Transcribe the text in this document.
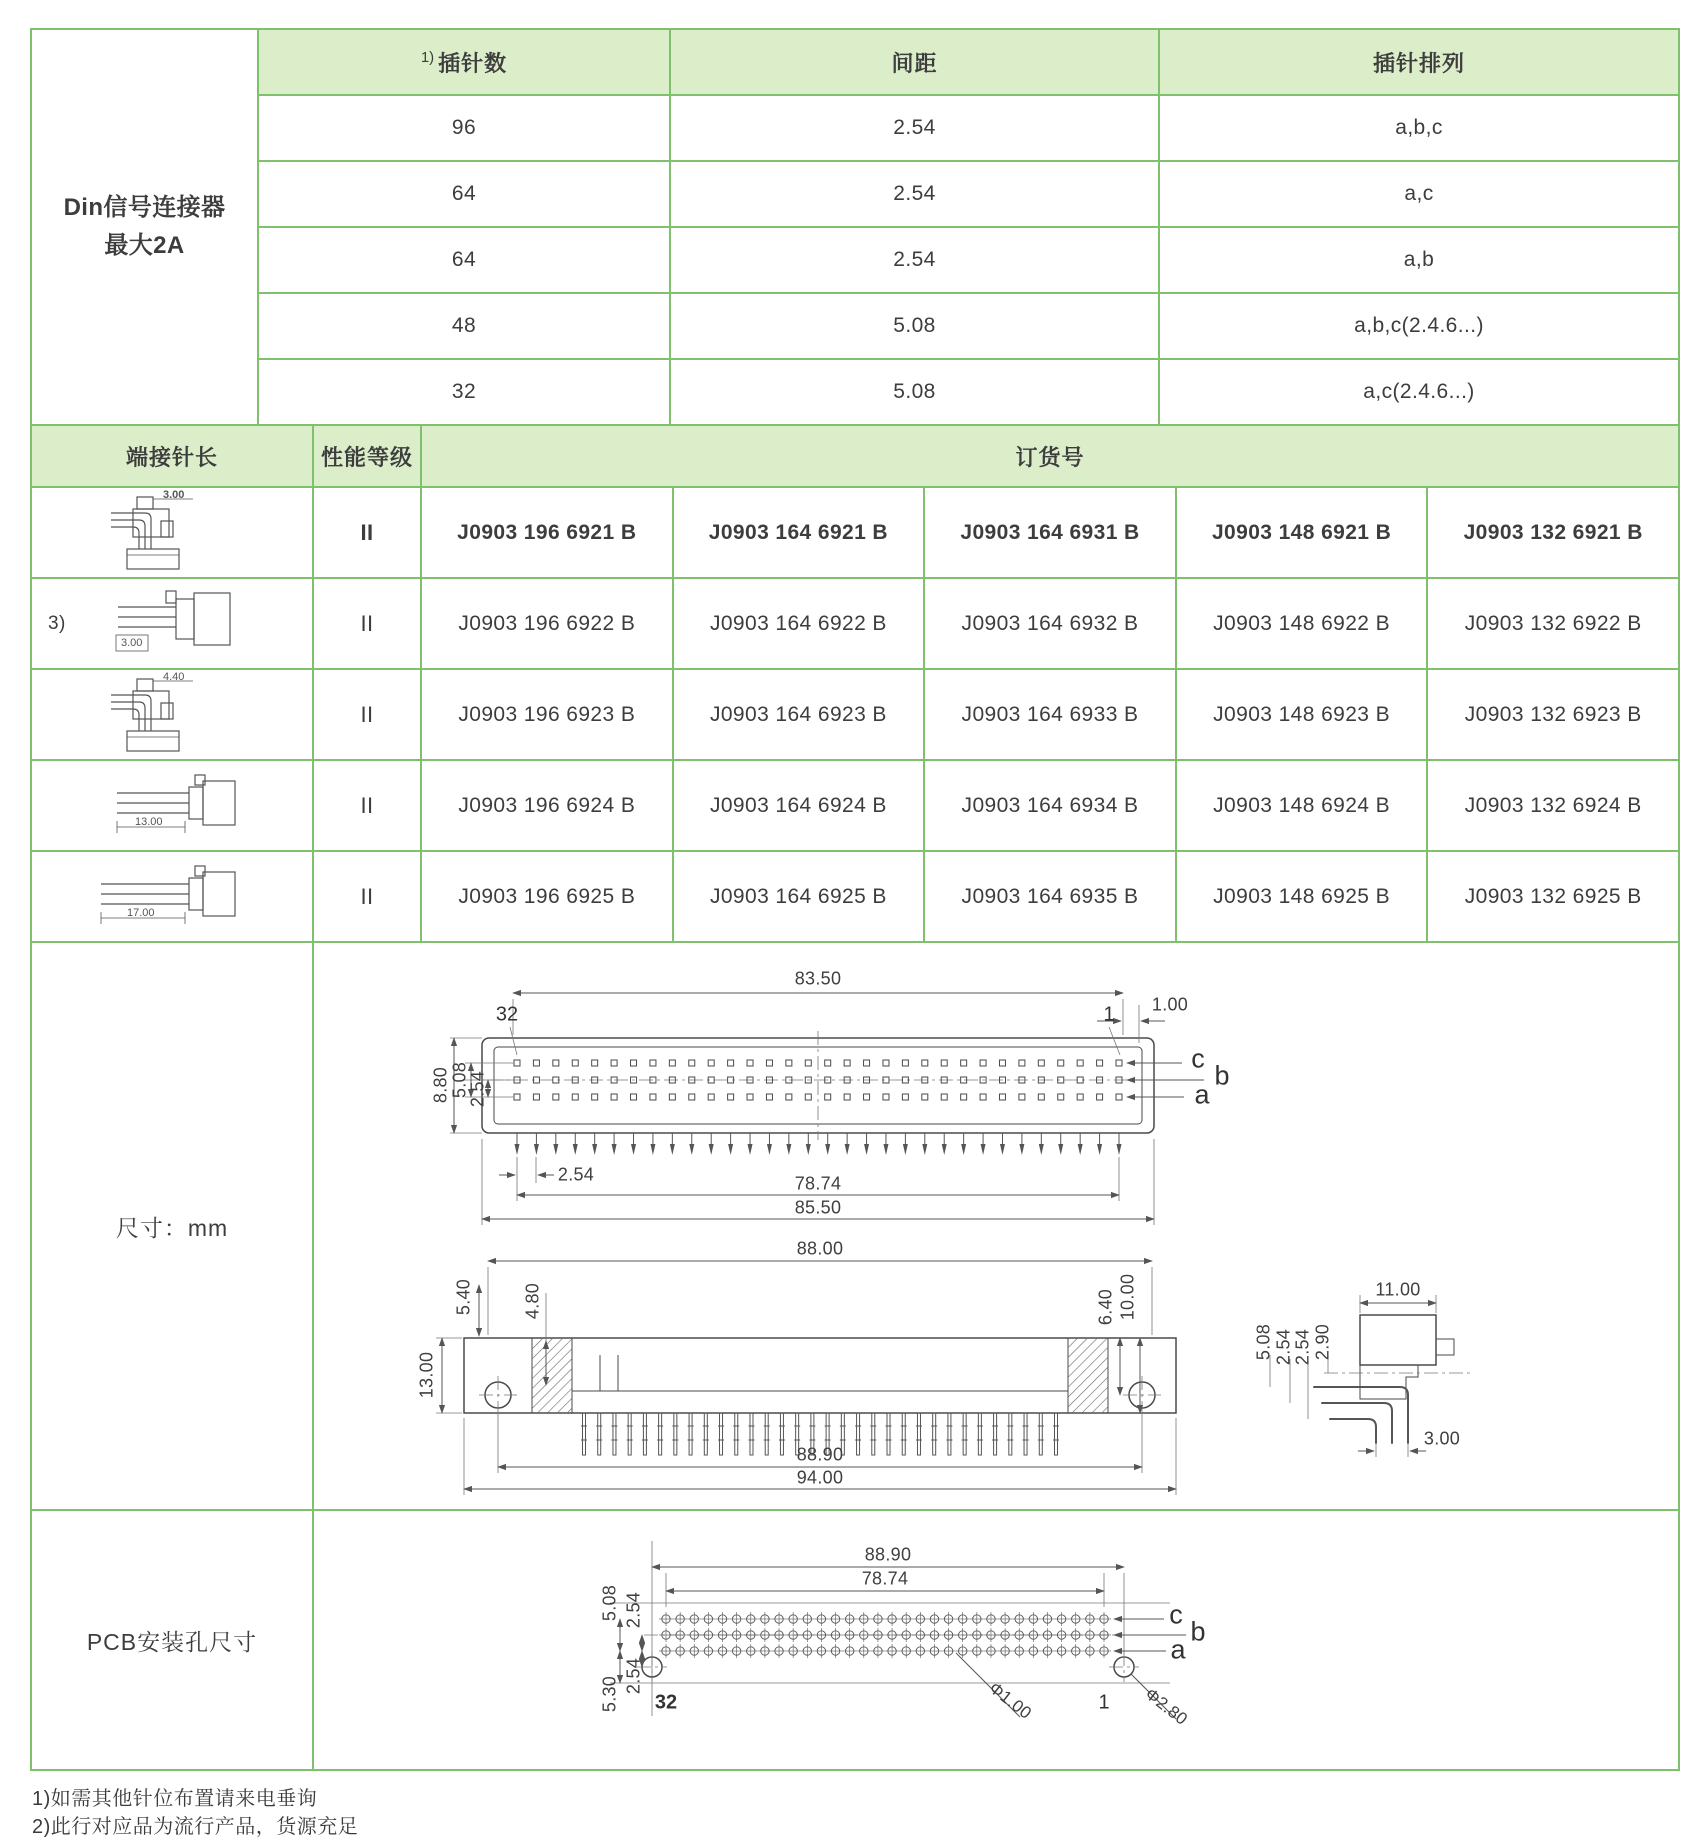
Din信号连接器
最大2A
1) 插针数	间距	插针排列
96	2.54	a,b,c
64	2.54	a,c
64	2.54	a,b
48	5.08	a,b,c(2.4.6...)
32	5.08	a,c(2.4.6...)
端接针长	性能等级	订货号
3.00
II	J0903 196 6921 B	J0903 164 6921 B	J0903 164 6931 B	J0903 148 6921 B	J0903 132 6921 B
3)
3.00
II	J0903 196 6922 B	J0903 164 6922 B	J0903 164 6932 B	J0903 148 6922 B	J0903 132 6922 B
4.40
II	J0903 196 6923 B	J0903 164 6923 B	J0903 164 6933 B	J0903 148 6923 B	J0903 132 6923 B
13.00
II	J0903 196 6924 B	J0903 164 6924 B	J0903 164 6934 B	J0903 148 6924 B	J0903 132 6924 B
17.00
II	J0903 196 6925 B	J0903 164 6925 B	J0903 164 6935 B	J0903 148 6925 B	J0903 132 6925 B
尺寸：mm
83.50
1.00
32	1
c
b
a
8.80 5.08
2.54
2.54	78.74
85.50
88.00
5.40	4.80
13.00
6.40 10.00
88.90
94.00
11.00
5.08 2.54 2.54 2.90
3.00
PCB安装孔尺寸
88.90
78.74
5.08 2.54
2.54
5.30 32	1
c
b
a
Φ1.00	Φ2.80
1)如需其他针位布置请来电垂询
2)此行对应品为流行产品，货源充足
